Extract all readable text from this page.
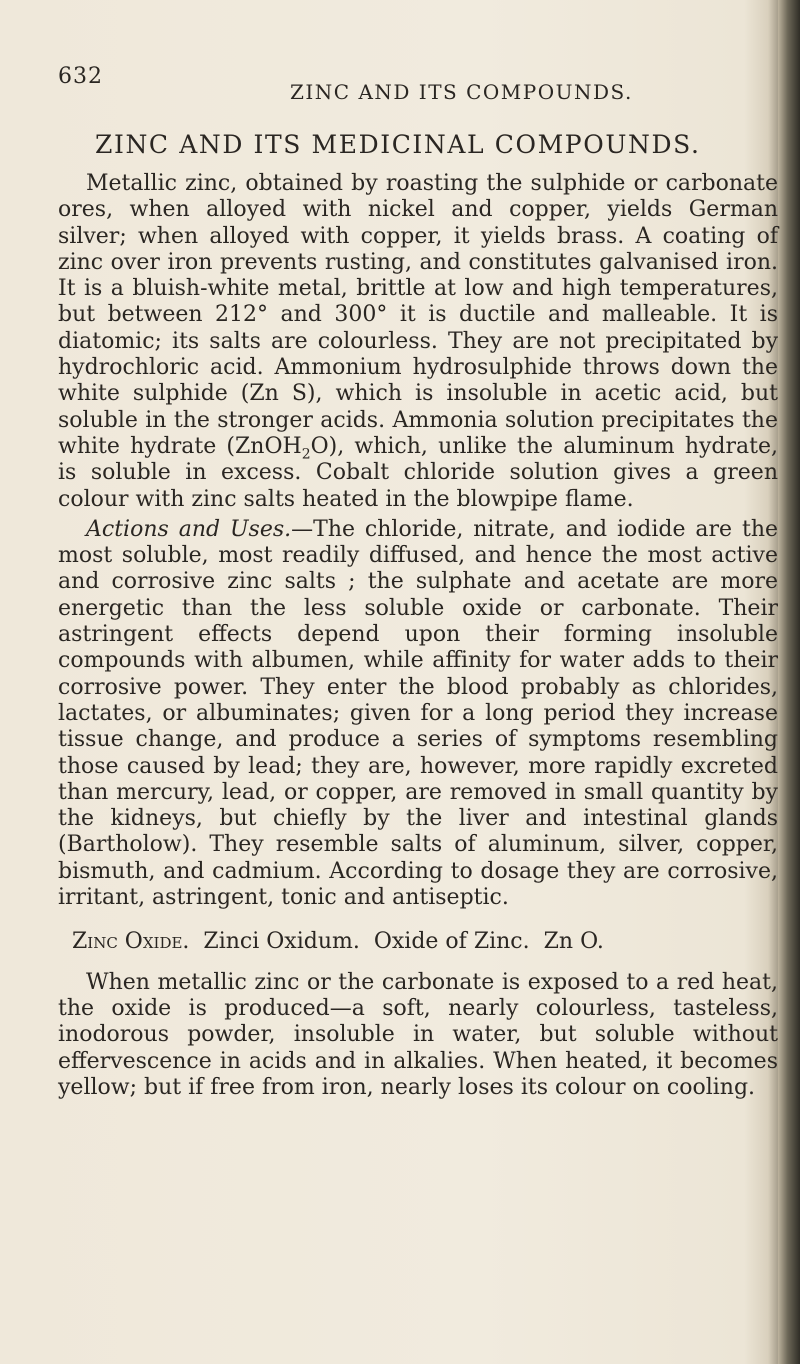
632
ZINC AND ITS COMPOUNDS.
ZINC AND ITS MEDICINAL COMPOUNDS.

Metallic zinc, obtained by roasting the sulphide or carbonate ores, when alloyed with nickel and copper, yields German silver; when alloyed with copper, it yields brass. A coating of zinc over iron prevents rusting, and constitutes galvanised iron. It is a bluish-white metal, brittle at low and high temperatures, but between 212° and 300° it is ductile and malleable. It is diatomic; its salts are colourless. They are not precipitated by hydrochloric acid. Ammonium hydrosulphide throws down the white sulphide (Zn S), which is insoluble in acetic acid, but soluble in the stronger acids. Ammonia solution precipitates the white hydrate (ZnOH$_2$O), which, unlike the aluminum hydrate, is soluble in excess. Cobalt chloride solution gives a green colour with zinc salts heated in the blowpipe flame.

Actions and Uses.—The chloride, nitrate, and iodide are the most soluble, most readily diffused, and hence the most active and corrosive zinc salts ; the sulphate and acetate are more energetic than the less soluble oxide or carbonate. Their astringent effects depend upon their forming insoluble compounds with albumen, while affinity for water adds to their corrosive power. They enter the blood probably as chlorides, lactates, or albuminates; given for a long period they increase tissue change, and produce a series of symptoms resembling those caused by lead; they are, however, more rapidly excreted than mercury, lead, or copper, are removed in small quantity by the kidneys, but chiefly by the liver and intestinal glands (Bartholow). They resemble salts of aluminum, silver, copper, bismuth, and cadmium. According to dosage they are corrosive, irritant, astringent, tonic and antiseptic.

Zinc Oxide. Zinci Oxidum. Oxide of Zinc. Zn O.

When metallic zinc or the carbonate is exposed to a red heat, the oxide is produced—a soft, nearly colourless, tasteless, inodorous powder, insoluble in water, but soluble without effervescence in acids and in alkalies. When heated, it becomes yellow; but if free from iron, nearly loses its colour on cooling.
